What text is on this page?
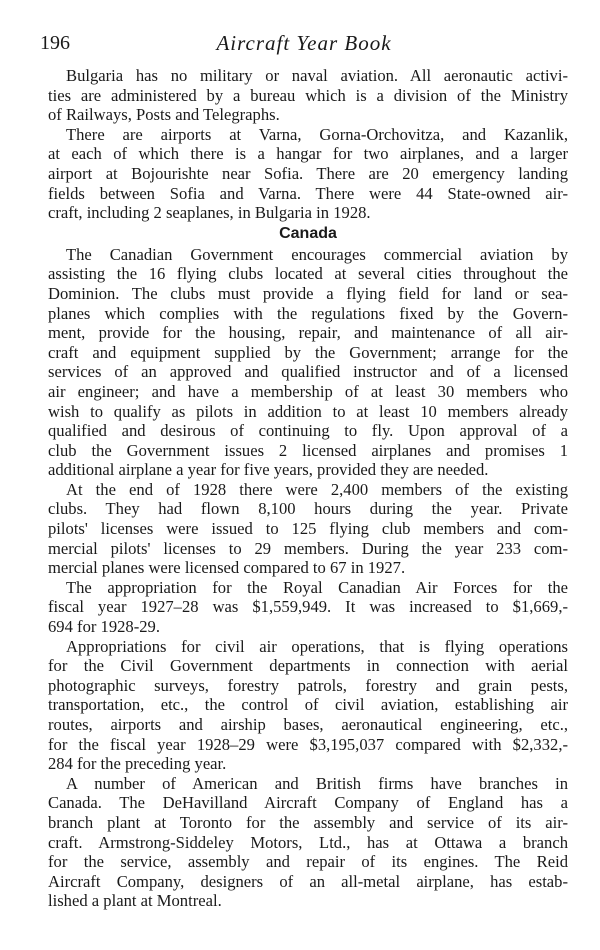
196	Aircraft Year Book

Bulgaria has no military or naval aviation. All aeronautic activi-
ties are administered by a bureau which is a division of the Ministry
of Railways, Posts and Telegraphs.

There are airports at Varna, Gorna-Orchovitza, and Kazanlik,
at each of which there is a hangar for two airplanes, and a larger
airport at Bojourishte near Sofia. There are 20 emergency landing
fields between Sofia and Varna. There were 44 State-owned air-
craft, including 2 seaplanes, in Bulgaria in 1928.

Canada

The Canadian Government encourages commercial aviation by
assisting the 16 flying clubs located at several cities throughout the
Dominion. The clubs must provide a flying field for land or sea-
planes which complies with the regulations fixed by the Govern-
ment, provide for the housing, repair, and maintenance of all air-
craft and equipment supplied by the Government; arrange for the
services of an approved and qualified instructor and of a licensed
air engineer; and have a membership of at least 30 members who
wish to qualify as pilots in addition to at least 10 members already
qualified and desirous of continuing to fly. Upon approval of a
club the Government issues 2 licensed airplanes and promises 1
additional airplane a year for five years, provided they are needed.

At the end of 1928 there were 2,400 members of the existing
clubs. They had flown 8,100 hours during the year. Private
pilots' licenses were issued to 125 flying club members and com-
mercial pilots' licenses to 29 members. During the year 233 com-
mercial planes were licensed compared to 67 in 1927.

The appropriation for the Royal Canadian Air Forces for the
fiscal year 1927–28 was $1,559,949. It was increased to $1,669,-
694 for 1928-29.

Appropriations for civil air operations, that is flying operations
for the Civil Government departments in connection with aerial
photographic surveys, forestry patrols, forestry and grain pests,
transportation, etc., the control of civil aviation, establishing air
routes, airports and airship bases, aeronautical engineering, etc.,
for the fiscal year 1928–29 were $3,195,037 compared with $2,332,-
284 for the preceding year.

A number of American and British firms have branches in
Canada. The DeHavilland Aircraft Company of England has a
branch plant at Toronto for the assembly and service of its air-
craft. Armstrong-Siddeley Motors, Ltd., has at Ottawa a branch
for the service, assembly and repair of its engines. The Reid
Aircraft Company, designers of an all-metal airplane, has estab-
lished a plant at Montreal.
